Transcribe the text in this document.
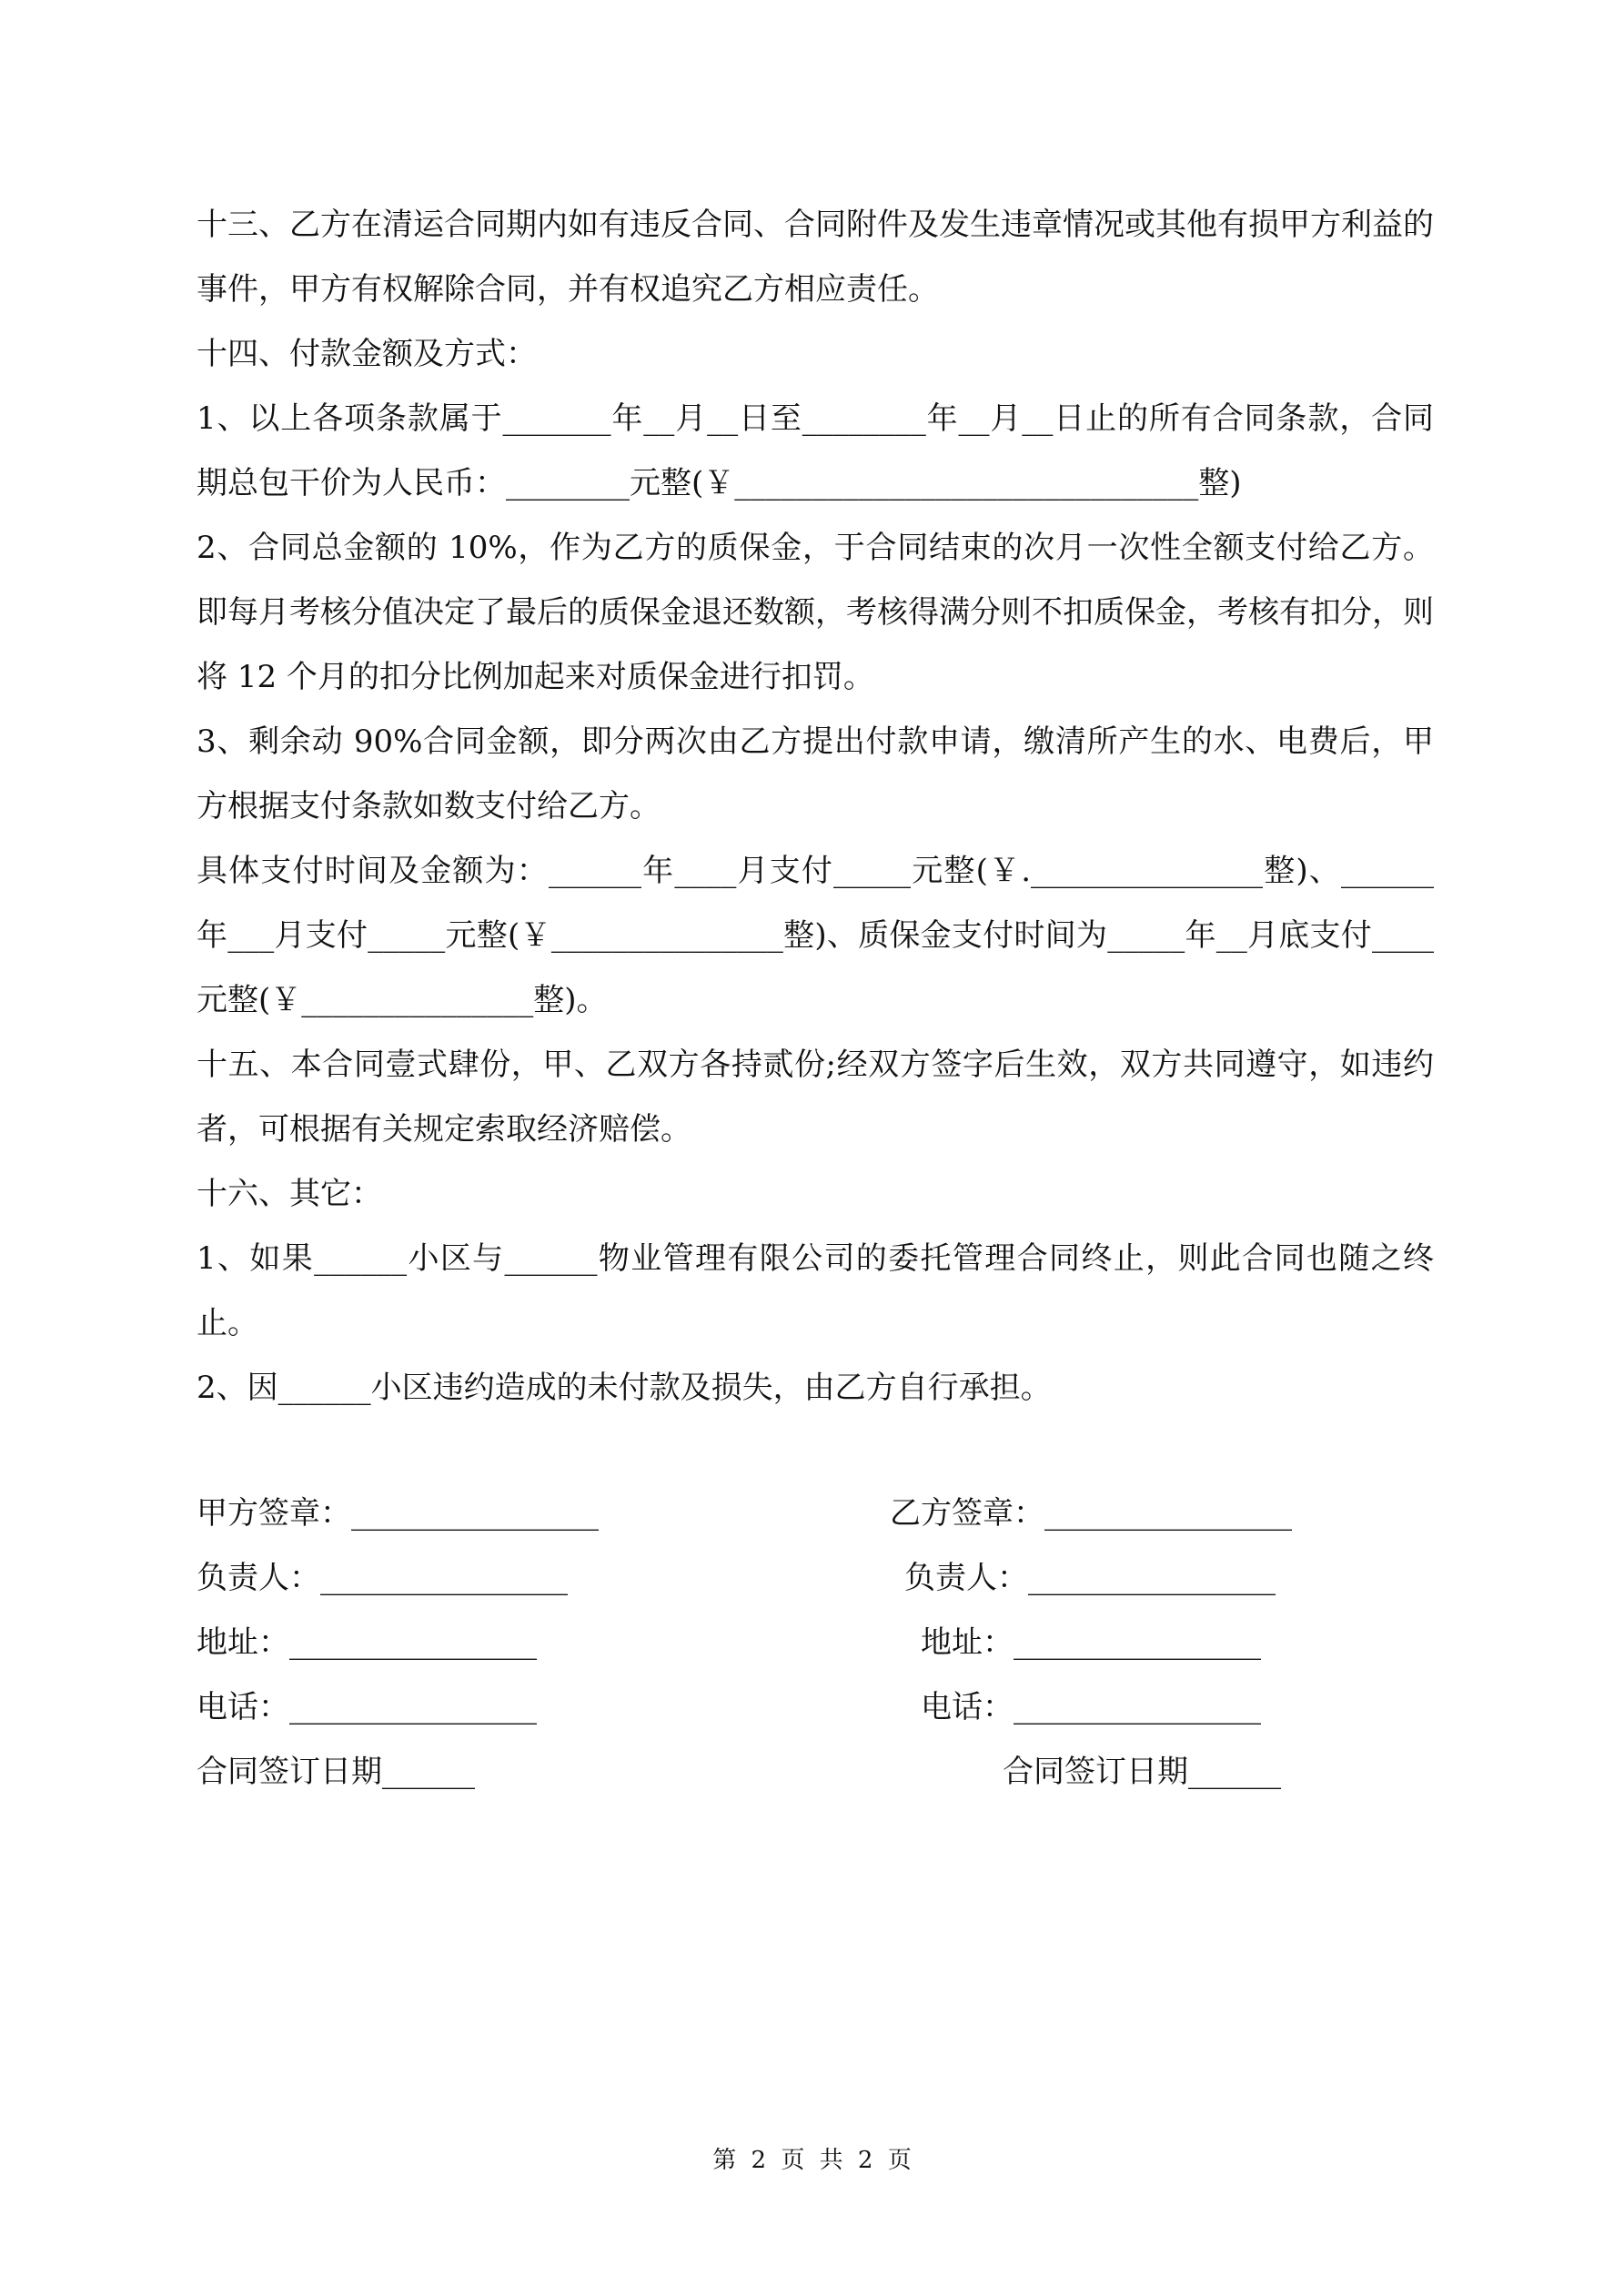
十三、乙方在清运合同期内如有违反合同、合同附件及发生违章情况或其他有损甲方利益的事件，甲方有权解除合同，并有权追究乙方相应责任。

十四、付款金额及方式：

1、以上各项条款属于_______年__月__日至________年__月__日止的所有合同条款，合同期总包干价为人民币：________元整(￥______________________________整)

2、合同总金额的 10%，作为乙方的质保金，于合同结束的次月一次性全额支付给乙方。即每月考核分值决定了最后的质保金退还数额，考核得满分则不扣质保金，考核有扣分，则将 12 个月的扣分比例加起来对质保金进行扣罚。

3、剩余动 90%合同金额，即分两次由乙方提出付款申请，缴清所产生的水、电费后，甲方根据支付条款如数支付给乙方。

具体支付时间及金额为：______年____月支付_____元整(￥._______________整)、______年___月支付_____元整(￥_______________整)、质保金支付时间为_____年__月底支付____元整(￥_______________整)。

十五、本合同壹式肆份，甲、乙双方各持贰份;经双方签字后生效，双方共同遵守，如违约者，可根据有关规定索取经济赔偿。

十六、其它：

1、如果______小区与______物业管理有限公司的委托管理合同终止，则此合同也随之终止。

2、因______小区违约造成的未付款及损失，由乙方自行承担。

甲方签章：________________
负责人：________________
地址：________________
电话：________________
合同签订日期______
乙方签章：________________
负责人：________________
地址：________________
电话：________________
合同签订日期______
第 2 页 共 2 页
